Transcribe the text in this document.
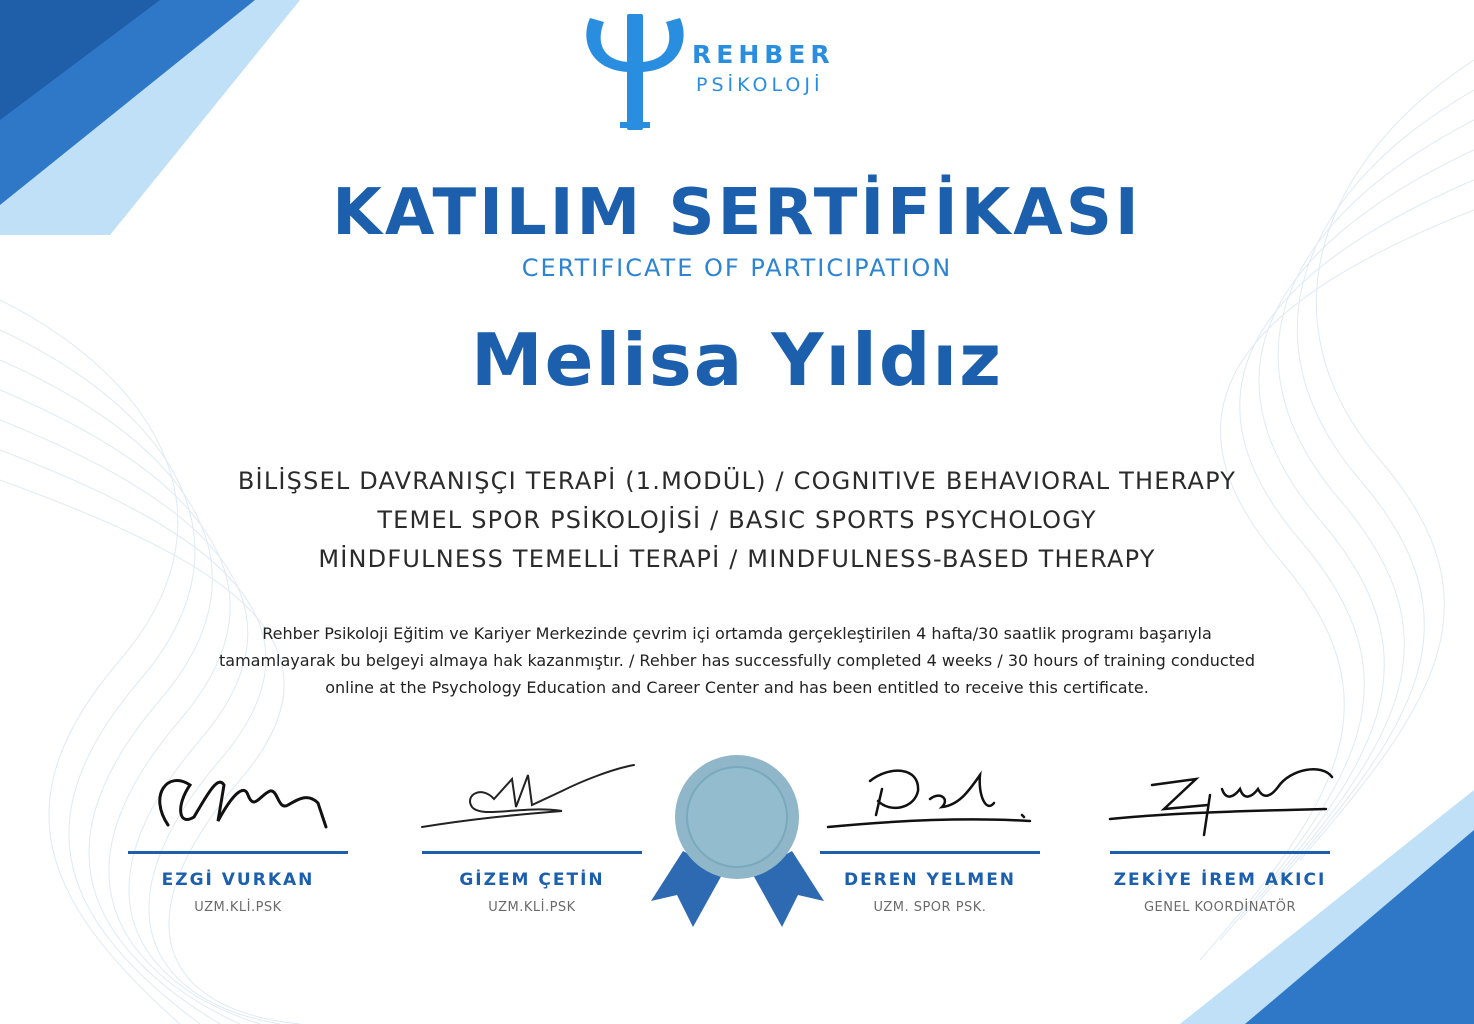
REHBER
PSİKOLOJİ
KATILIM SERTİFİKASI
CERTIFICATE OF PARTICIPATION
Melisa Yıldız
BİLİŞSEL DAVRANIŞÇI TERAPİ (1.MODÜL) / COGNITIVE BEHAVIORAL THERAPY
TEMEL SPOR PSİKOLOJİSİ / BASIC SPORTS PSYCHOLOGY
MİNDFULNESS TEMELLİ TERAPİ / MINDFULNESS-BASED THERAPY
Rehber Psikoloji Eğitim ve Kariyer Merkezinde çevrim içi ortamda gerçekleştirilen 4 hafta/30 saatlik programı başarıyla
tamamlayarak bu belgeyi almaya hak kazanmıştır. / Rehber has successfully completed 4 weeks / 30 hours of training conducted
online at the Psychology Education and Career Center and has been entitled to receive this certificate.
EZGİ VURKAN
UZM.KLİ.PSK
GİZEM ÇETİN
UZM.KLİ.PSK
DEREN YELMEN
UZM. SPOR PSK.
ZEKİYE İREM AKICI
GENEL KOORDİNATÖR
